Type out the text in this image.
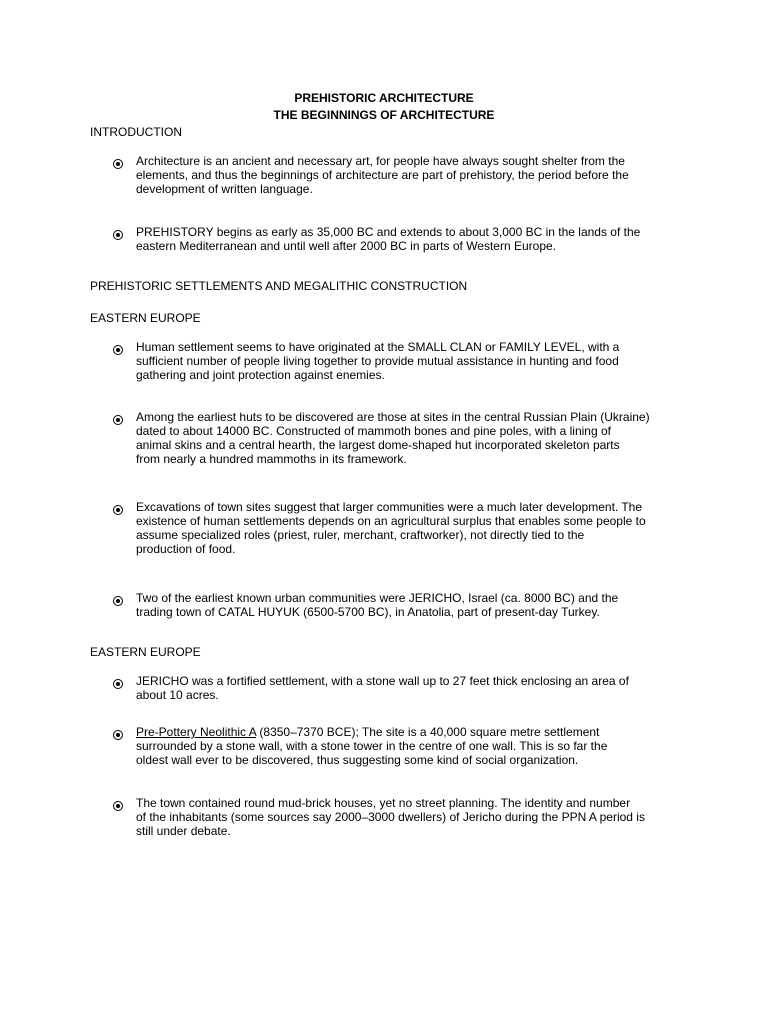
PREHISTORIC ARCHITECTURE
THE BEGINNINGS OF ARCHITECTURE
INTRODUCTION
Architecture is an ancient and necessary art, for people have always sought shelter from the
elements, and thus the beginnings of architecture are part of prehistory, the period before the
development of written language.
PREHISTORY begins as early as 35,000 BC and extends to about 3,000 BC in the lands of the
eastern Mediterranean and until well after 2000 BC in parts of Western Europe.
PREHISTORIC SETTLEMENTS AND MEGALITHIC CONSTRUCTION
EASTERN EUROPE
Human settlement seems to have originated at the SMALL CLAN or FAMILY LEVEL, with a
sufficient number of people living together to provide mutual assistance in hunting and food
gathering and joint protection against enemies.
Among the earliest huts to be discovered are those at sites in the central Russian Plain (Ukraine)
dated to about 14000 BC. Constructed of mammoth bones and pine poles, with a lining of
animal skins and a central hearth, the largest dome-shaped hut incorporated skeleton parts
from nearly a hundred mammoths in its framework.
Excavations of town sites suggest that larger communities were a much later development. The
existence of human settlements depends on an agricultural surplus that enables some people to
assume specialized roles (priest, ruler, merchant, craftworker), not directly tied to the
production of food.
Two of the earliest known urban communities were JERICHO, Israel (ca. 8000 BC) and the
trading town of CATAL HUYUK (6500-5700 BC), in Anatolia, part of present-day Turkey.
EASTERN EUROPE
JERICHO was a fortified settlement, with a stone wall up to 27 feet thick enclosing an area of
about 10 acres.
Pre-Pottery Neolithic A (8350–7370 BCE); The site is a 40,000 square metre settlement
surrounded by a stone wall, with a stone tower in the centre of one wall. This is so far the
oldest wall ever to be discovered, thus suggesting some kind of social organization.
The town contained round mud-brick houses, yet no street planning. The identity and number
of the inhabitants (some sources say 2000–3000 dwellers) of Jericho during the PPN A period is
still under debate.
